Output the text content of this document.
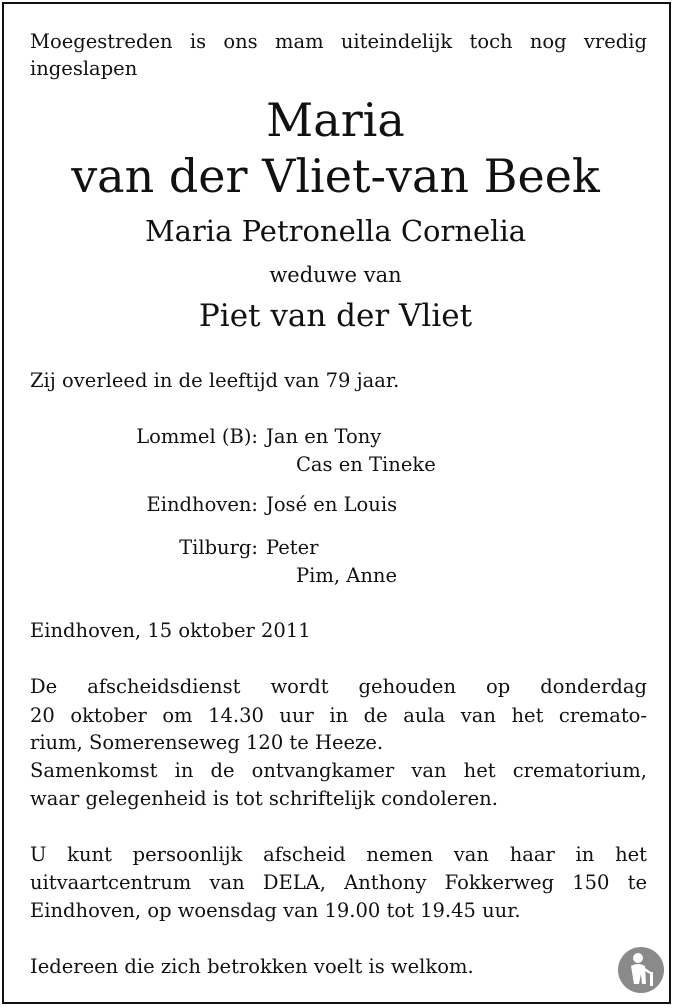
Moegestreden is ons mam uiteindelijk toch nog vredig
ingeslapen
Maria
van der Vliet-van Beek
Maria Petronella Cornelia
weduwe van
Piet van der Vliet
Zij overleed in de leeftijd van 79 jaar.
Lommel (B): Jan en Tony
Cas en Tineke
Eindhoven: José en Louis
Tilburg: Peter
Pim, Anne
Eindhoven, 15 oktober 2011
De afscheidsdienst wordt gehouden op donderdag
20 oktober om 14.30 uur in de aula van het cremato-
rium, Somerenseweg 120 te Heeze.
Samenkomst in de ontvangkamer van het crematorium,
waar gelegenheid is tot schriftelijk condoleren.
U kunt persoonlijk afscheid nemen van haar in het
uitvaartcentrum van DELA, Anthony Fokkerweg 150 te
Eindhoven, op woensdag van 19.00 tot 19.45 uur.
Iedereen die zich betrokken voelt is welkom.
